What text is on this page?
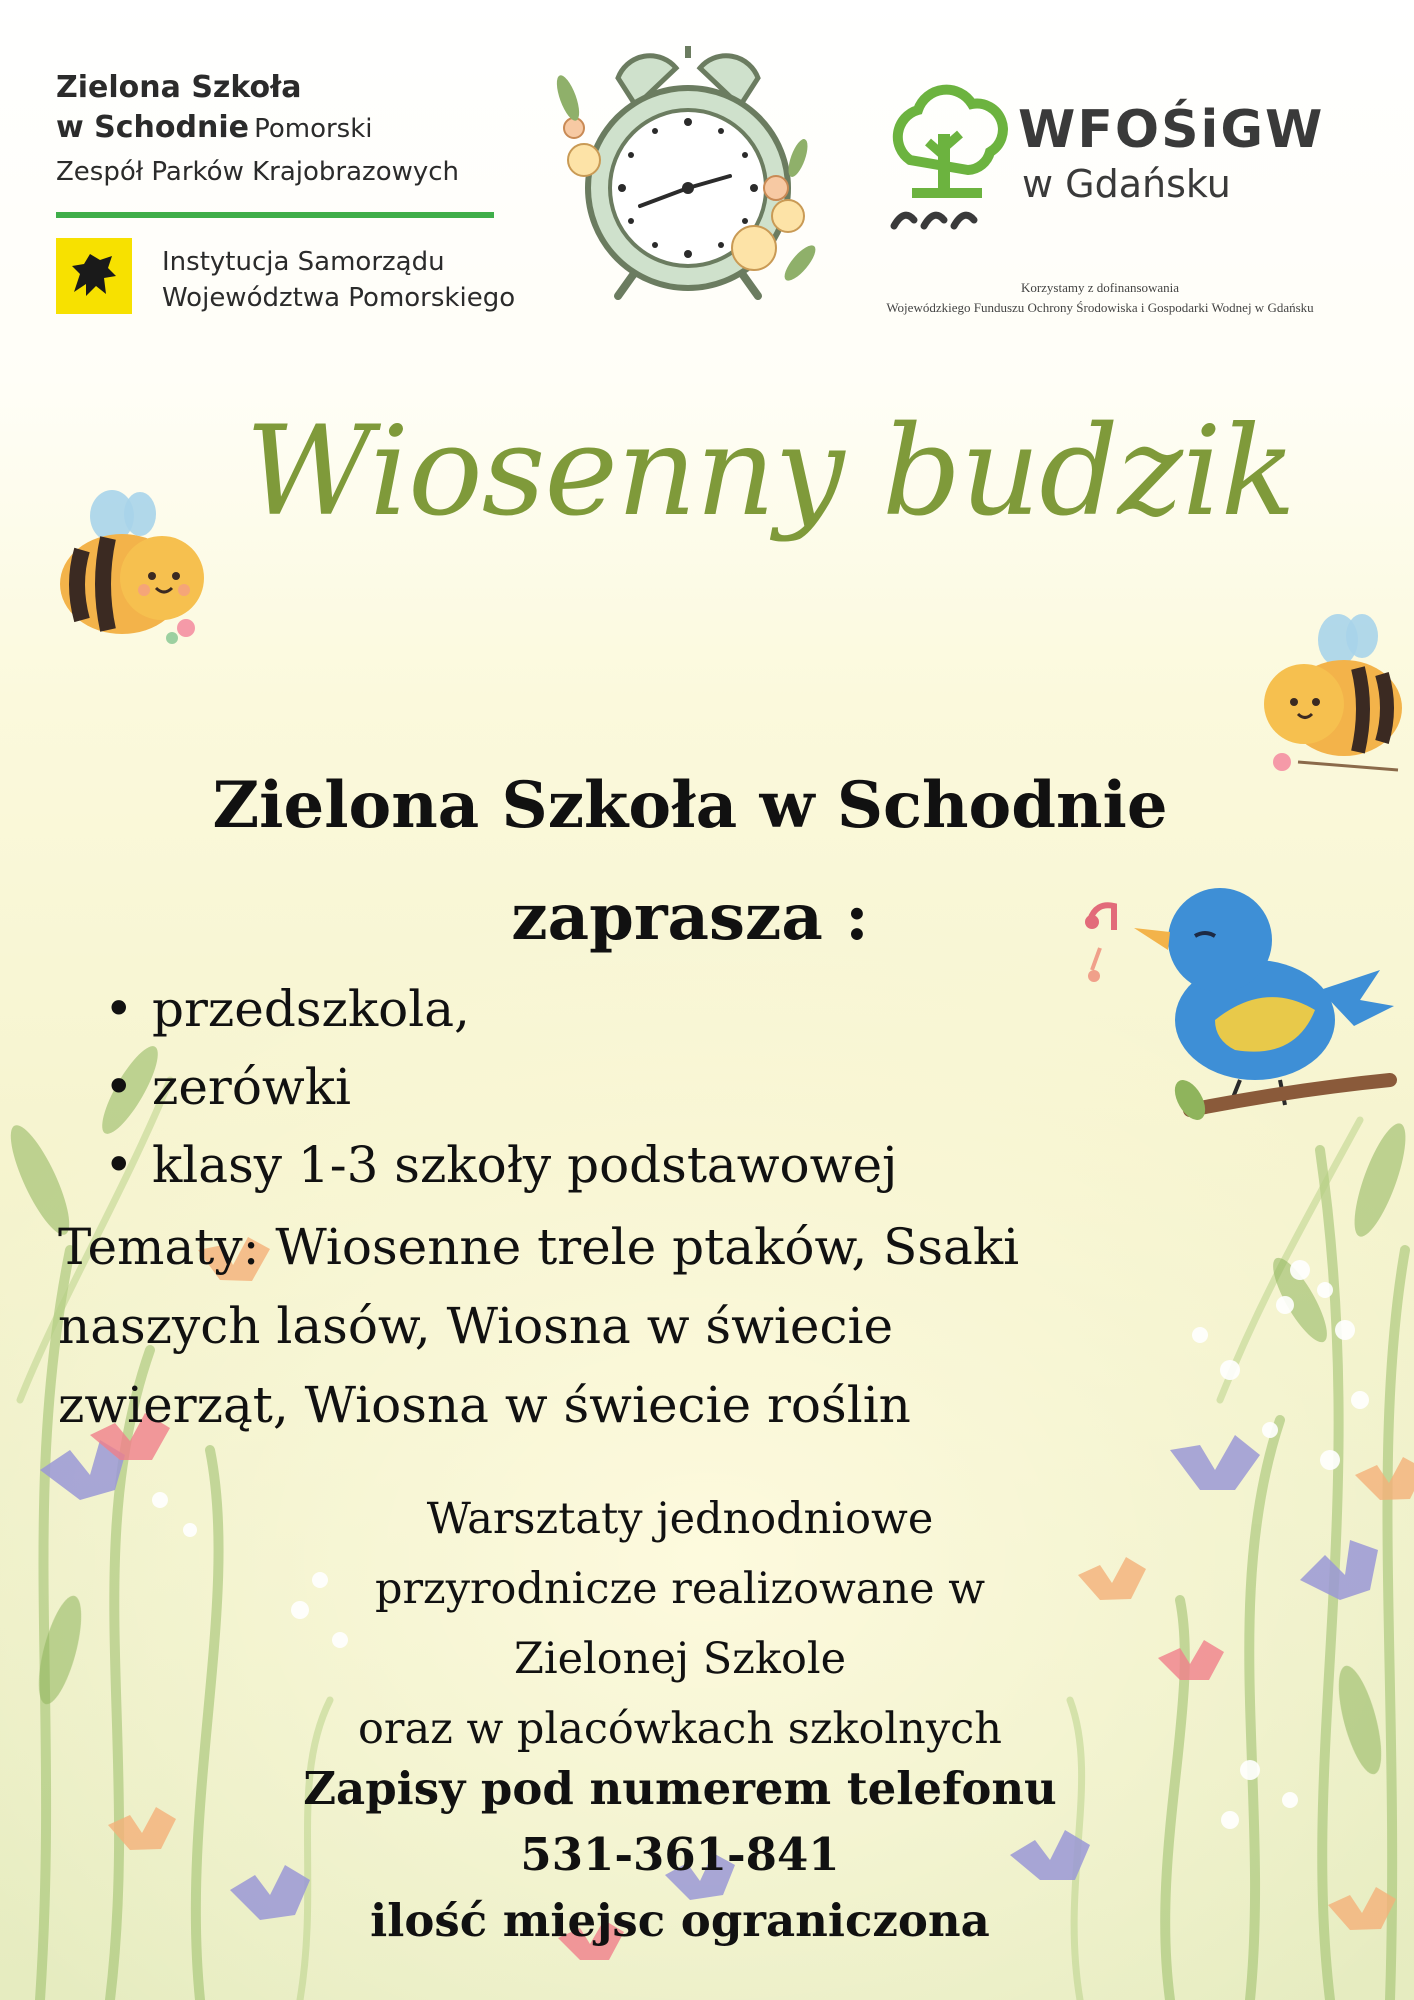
Zielona Szkoła
w Schodnie Pomorski
Zespół Parków Krajobrazowych
Instytucja Samorządu
Województwa Pomorskiego
WFOŚiGW
w Gdańsku
Korzystamy z dofinansowania
Wojewódzkiego Funduszu Ochrony Środowiska i Gospodarki Wodnej w Gdańsku
Wiosenny budzik
Zielona Szkoła w Schodnie
zaprasza :
• przedszkola,
• zerówki
• klasy 1-3 szkoły podstawowej
Tematy: Wiosenne trele ptaków, Ssaki
naszych lasów, Wiosna w świecie
zwierząt, Wiosna w świecie roślin
Warsztaty jednodniowe
przyrodnicze realizowane w
Zielonej Szkole
oraz w placówkach szkolnych
Zapisy pod numerem telefonu
531-361-841
ilość miejsc ograniczona
